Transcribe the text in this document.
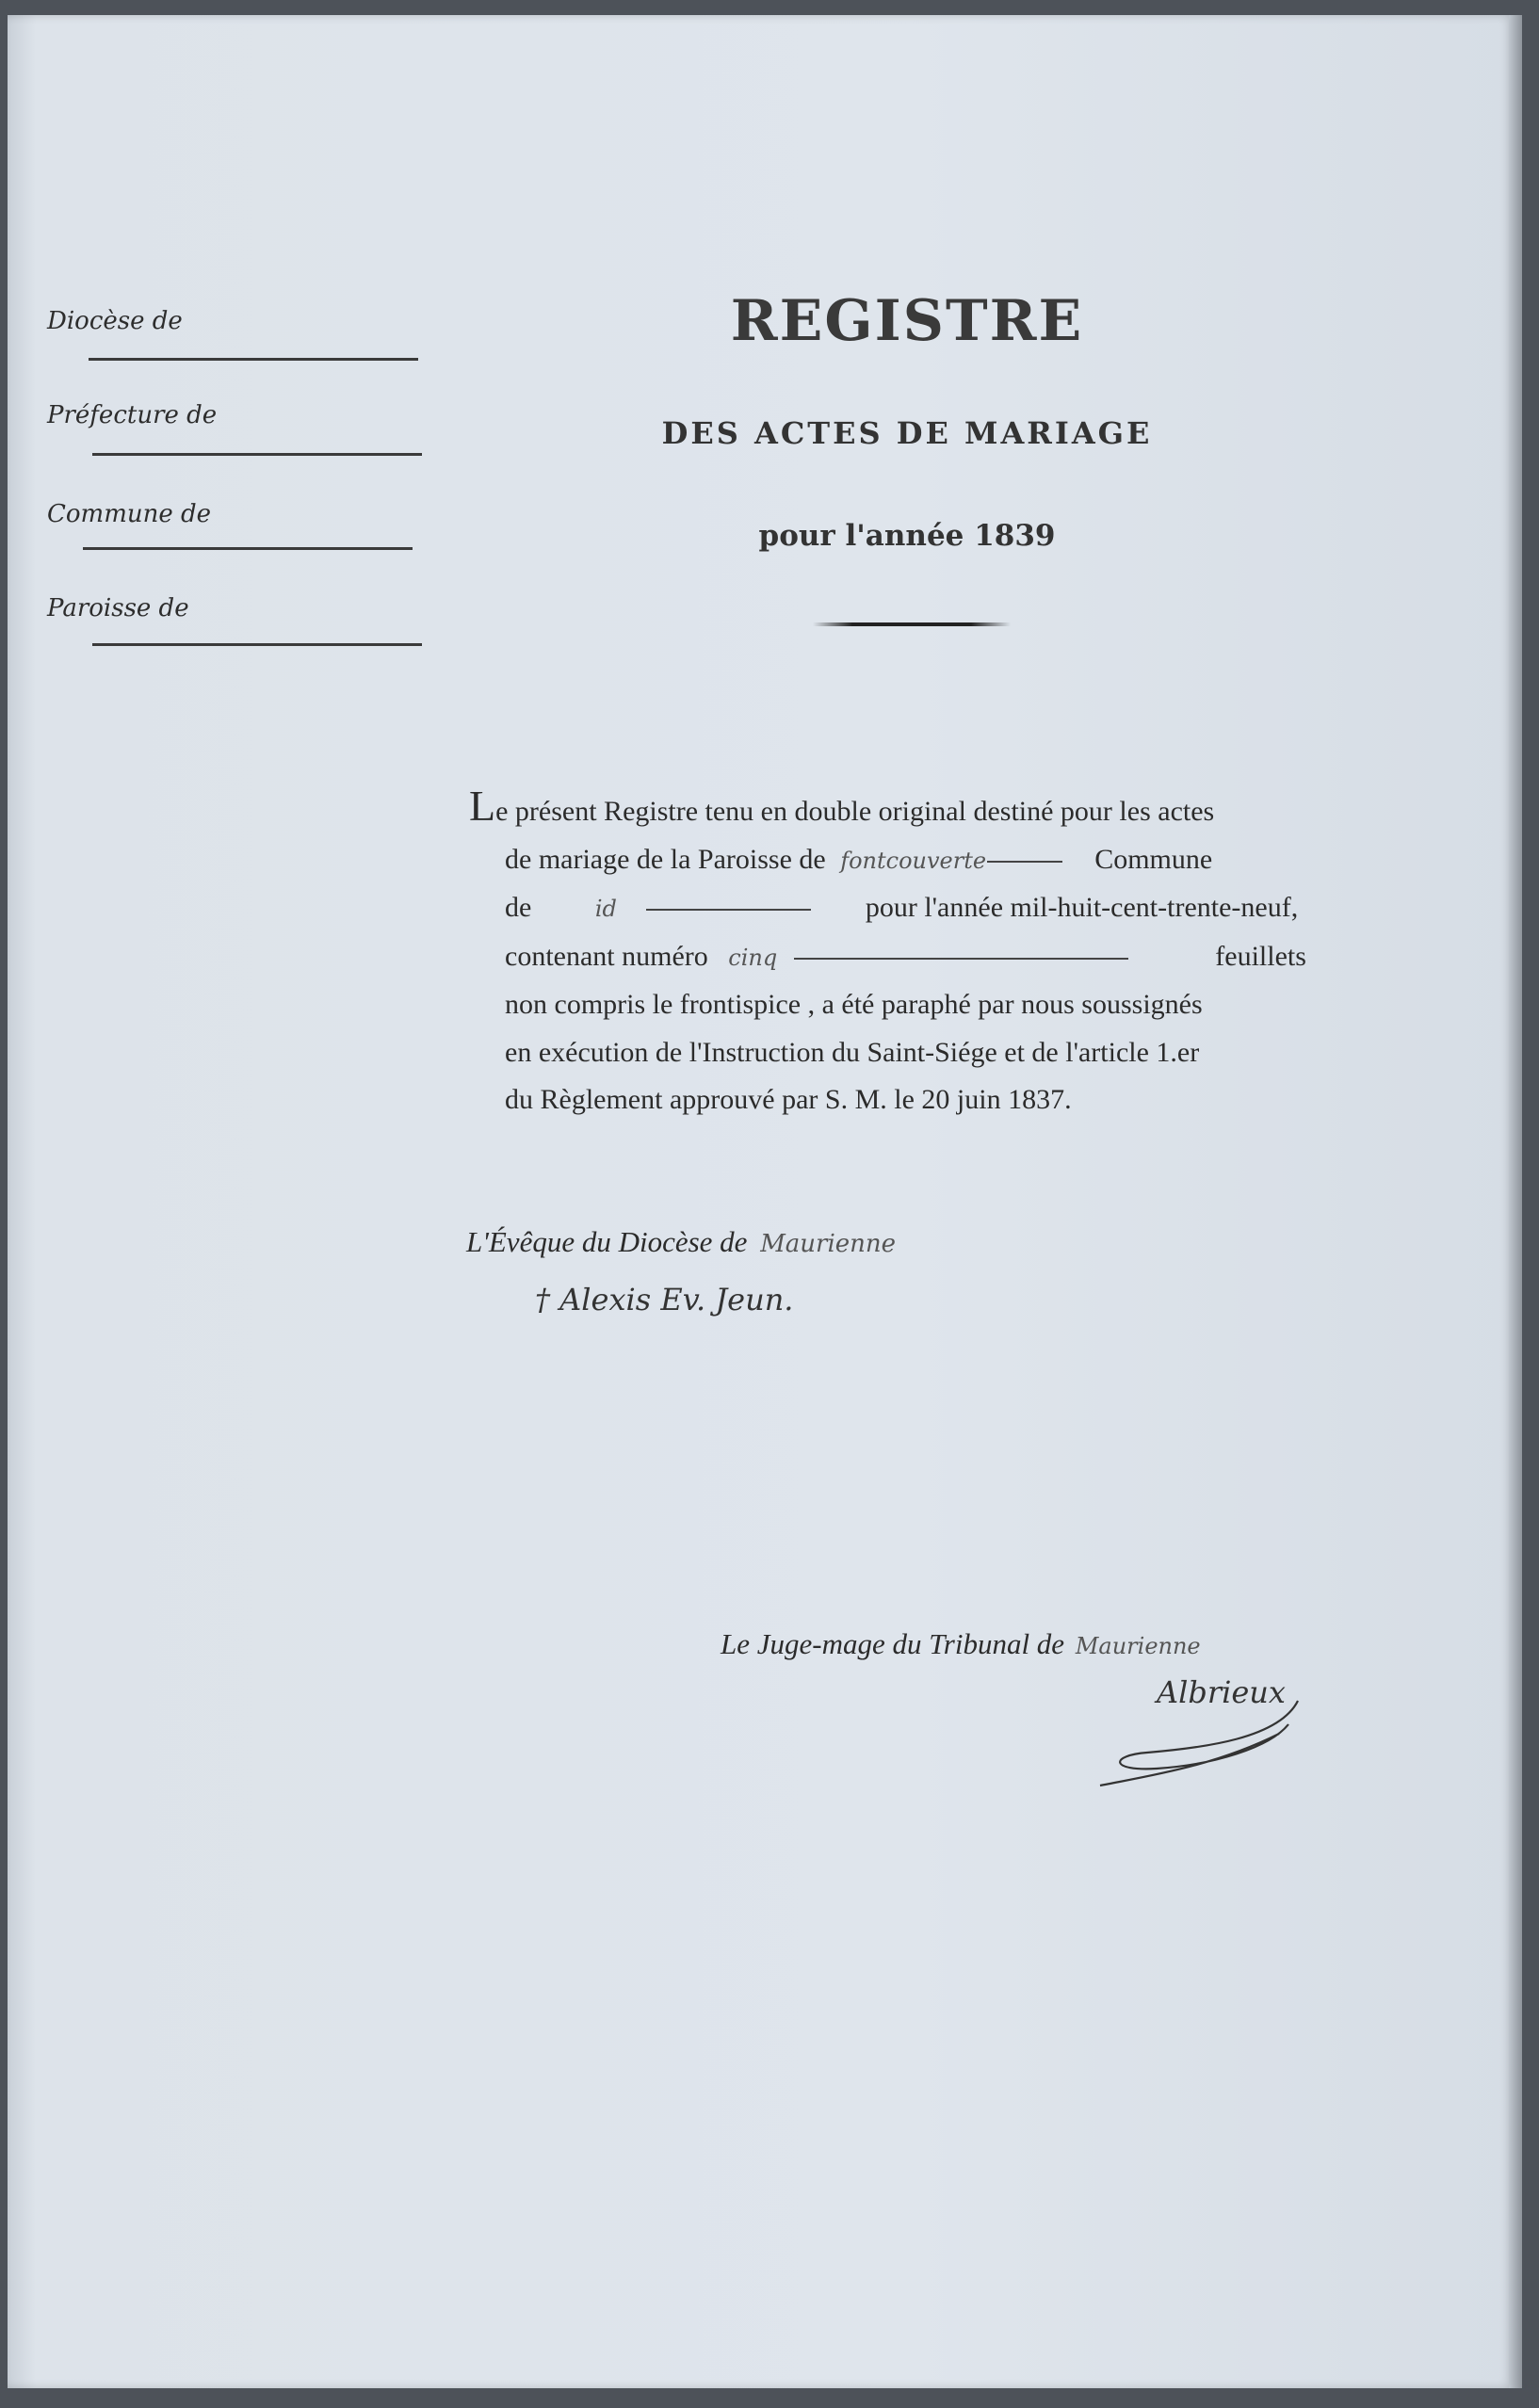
Diocèse de
Préfecture de
Commune de
Paroisse de
REGISTRE
DES ACTES DE MARIAGE
pour l'année 1839
Le présent Registre tenu en double original destiné pour les actes
de mariage de la Paroisse de fontcouverte	Commune
de	id	pour l'année mil-huit-cent-trente-neuf,
contenant numéro cinq	feuillets
non compris le frontispice , a été paraphé par nous soussignés
en exécution de l'Instruction du Saint-Siége et de l'article 1.er
du Règlement approuvé par S. M. le 20 juin 1837.
L'Évêque du Diocèse de Maurienne
† Alexis Ev. Jeun.
Le Juge-mage du Tribunal de Maurienne
Albrieux
